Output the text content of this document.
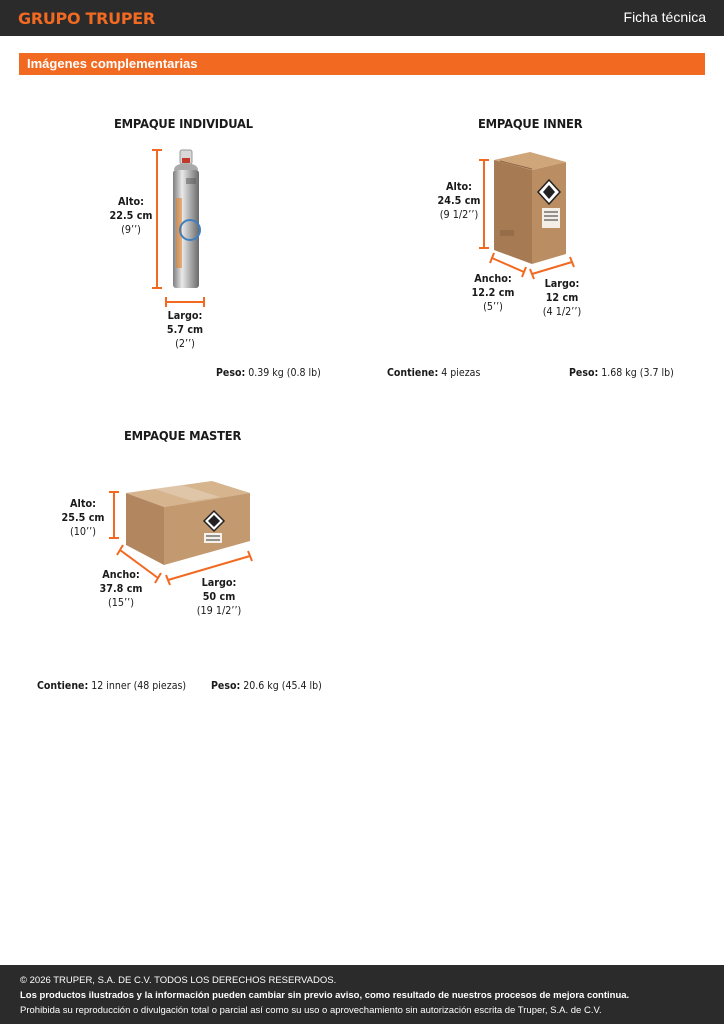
GRUPO TRUPER	Ficha técnica
Imágenes complementarias
EMPAQUE INDIVIDUAL
Alto:
22.5 cm
(9’’)
Largo:
5.7 cm
(2’’)
Peso: 0.39 kg (0.8 lb)
EMPAQUE INNER
Alto:
24.5 cm
(9 1/2’’)
Ancho:
12.2 cm
(5’’)
Largo:
12 cm
(4 1/2’’)
Contiene: 4 piezas	Peso: 1.68 kg (3.7 lb)
EMPAQUE MASTER
Alto:
25.5 cm
(10’’)
Ancho:
37.8 cm
(15’’)
Largo:
50 cm
(19 1/2’’)
Contiene: 12 inner (48 piezas) Peso: 20.6 kg (45.4 lb)
© 2026 TRUPER, S.A. DE C.V. TODOS LOS DERECHOS RESERVADOS.
Los productos ilustrados y la información pueden cambiar sin previo aviso, como resultado de nuestros procesos de mejora continua.
Prohibida su reproducción o divulgación total o parcial así como su uso o aprovechamiento sin autorización escrita de Truper, S.A. de C.V.
